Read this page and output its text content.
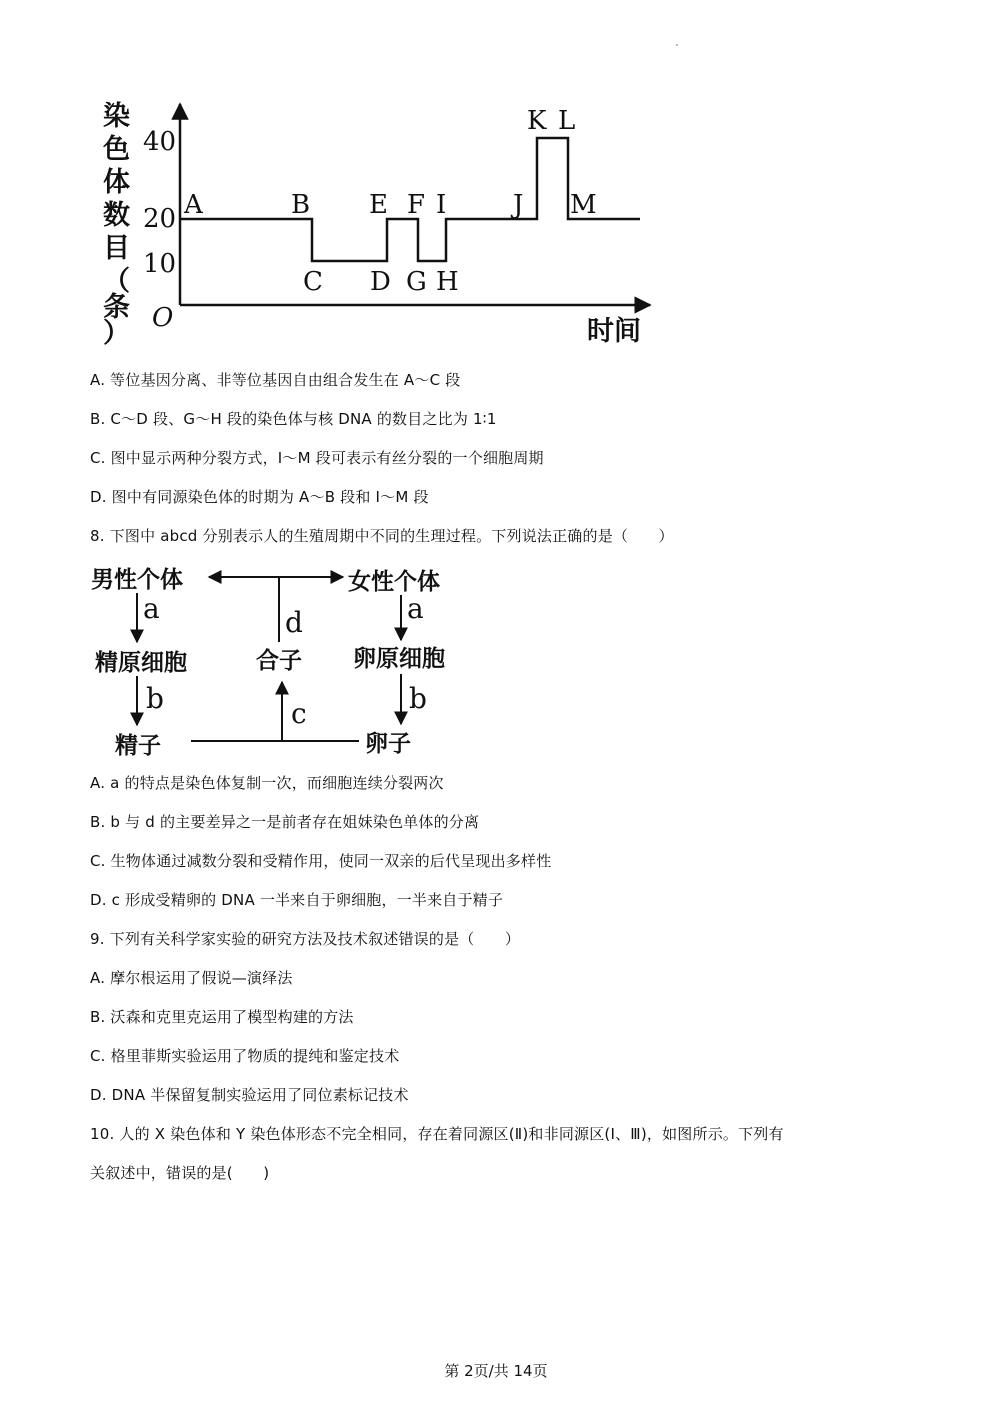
染
色
体
数
目
（
条
）
40
20
10
O	时间
A	B
C D
E F
G H
I	J
K L
M
A. 等位基因分离、非等位基因自由组合发生在 A～C 段
B. C～D 段、G～H 段的染色体与核 DNA 的数目之比为 1∶1
C. 图中显示两种分裂方式，I～M 段可表示有丝分裂的一个细胞周期
D. 图中有同源染色体的时期为 A～B 段和 I～M 段
8. 下图中 abcd 分别表示人的生殖周期中不同的生理过程。下列说法正确的是（　　）
男性个体	女性个体
精原细胞	合子 卵原细胞
精子	卵子
a	d	a
b	c	b
A. a 的特点是染色体复制一次，而细胞连续分裂两次
B. b 与 d 的主要差异之一是前者存在姐妹染色单体的分离
C. 生物体通过减数分裂和受精作用，使同一双亲的后代呈现出多样性
D. c 形成受精卵的 DNA 一半来自于卵细胞，一半来自于精子
9. 下列有关科学家实验的研究方法及技术叙述错误的是（　　）
A. 摩尔根运用了假说—演绎法
B. 沃森和克里克运用了模型构建的方法
C. 格里菲斯实验运用了物质的提纯和鉴定技术
D. DNA 半保留复制实验运用了同位素标记技术
10. 人的 X 染色体和 Y 染色体形态不完全相同，存在着同源区(Ⅱ)和非同源区(Ⅰ、Ⅲ)，如图所示。下列有
关叙述中，错误的是(　　)
第 2页/共 14页
